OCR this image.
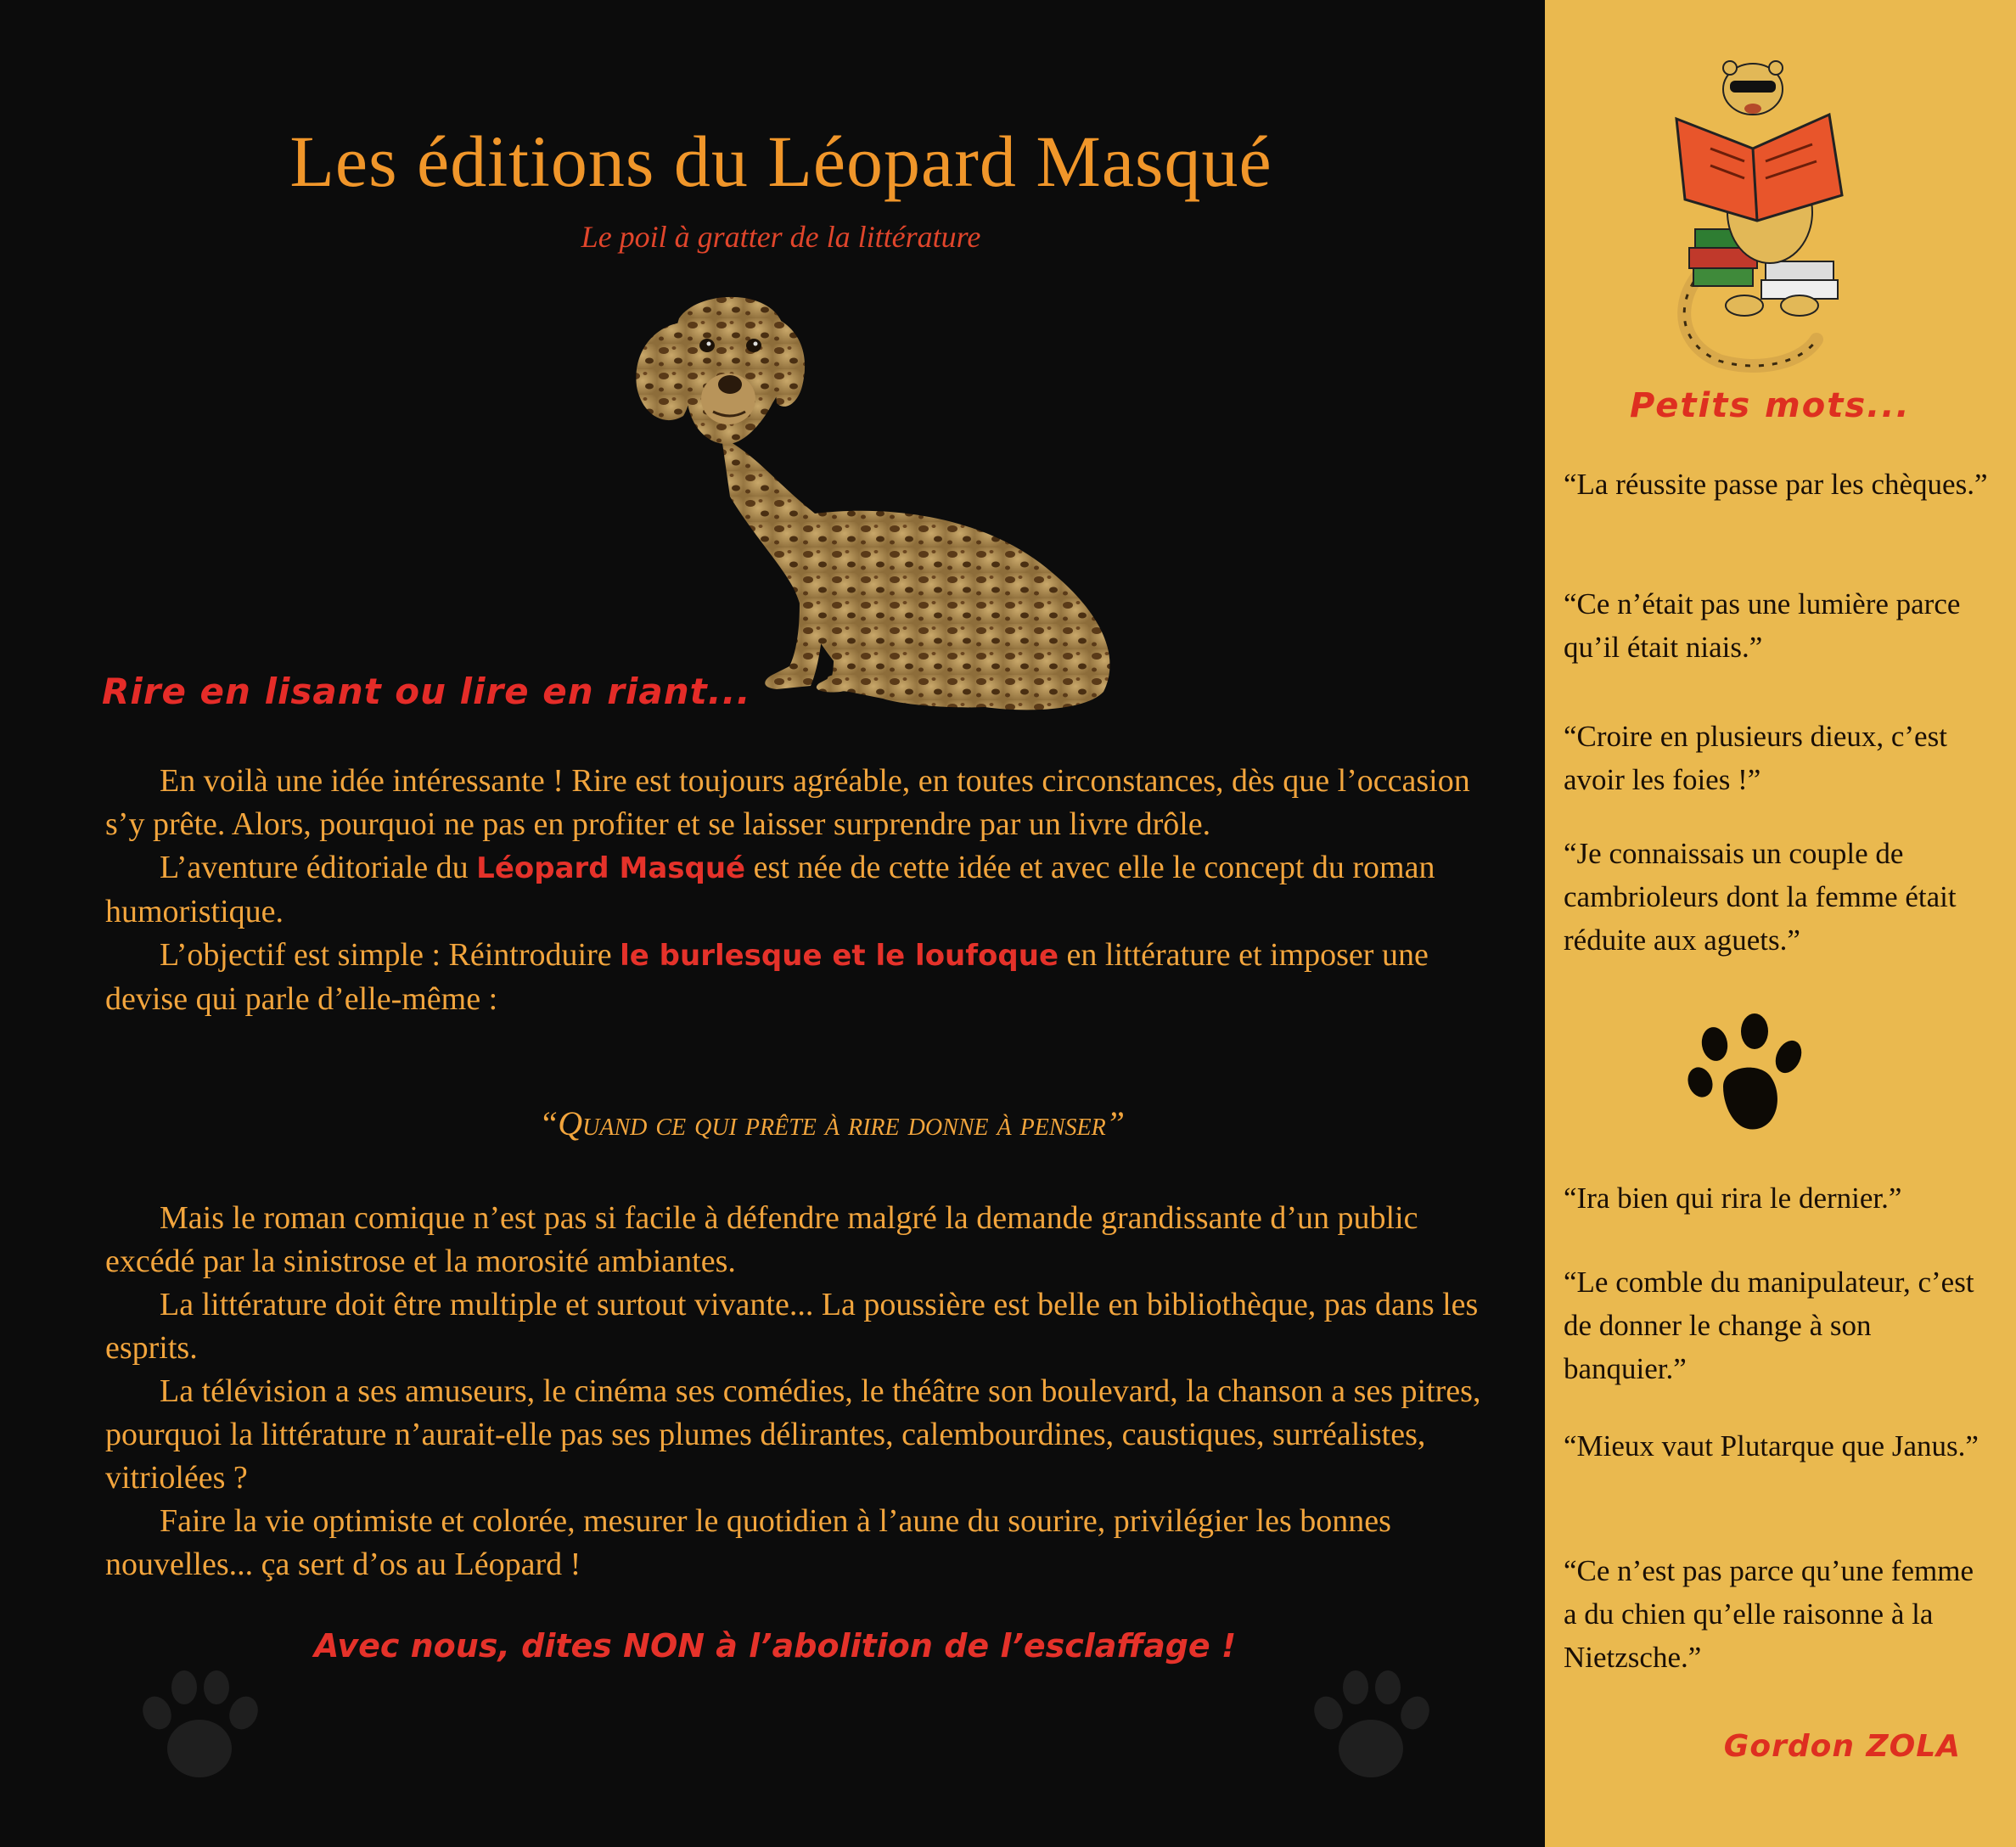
Les éditions du Léopard Masqué
Le poil à gratter de la littérature
Rire en lisant ou lire en riant...

En voilà une idée intéressante ! Rire est toujours agréable, en toutes circonstances, dès que l’occasion s’y prête. Alors, pourquoi ne pas en profiter et se laisser surprendre par un livre drôle.

L’aventure éditoriale du Léopard Masqué est née de cette idée et avec elle le concept du roman humoristique.

L’objectif est simple : Réintroduire le burlesque et le loufoque en littérature et imposer une devise qui parle d’elle-même :

“Quand ce qui prête à rire donne à penser”

Mais le roman comique n’est pas si facile à défendre malgré la demande grandissante d’un public excédé par la sinistrose et la morosité ambiantes.

La littérature doit être multiple et surtout vivante... La poussière est belle en bibliothèque, pas dans les esprits.

La télévision a ses amuseurs, le cinéma ses comédies, le théâtre son boulevard, la chanson a ses pitres, pourquoi la littérature n’aurait-elle pas ses plumes délirantes, calembourdines, caustiques, surréalistes, vitriolées ?

Faire la vie optimiste et colorée, mesurer le quotidien à l’aune du sourire, privilégier les bonnes nouvelles... ça sert d’os au Léopard !

Avec nous, dites NON à l’abolition de l’esclaffage !
Petits mots...
“La réussite passe par les chèques.”
“Ce n’était pas une lumière parce qu’il était niais.”
“Croire en plusieurs dieux, c’est avoir les foies !”
“Je connaissais un couple de cambrioleurs dont la femme était réduite aux aguets.”
“Ira bien qui rira le dernier.”
“Le comble du manipulateur, c’est de donner le change à son banquier.”
“Mieux vaut Plutarque que Janus.”
“Ce n’est pas parce qu’une femme a du chien qu’elle raisonne à la Nietzsche.”
Gordon ZOLA
